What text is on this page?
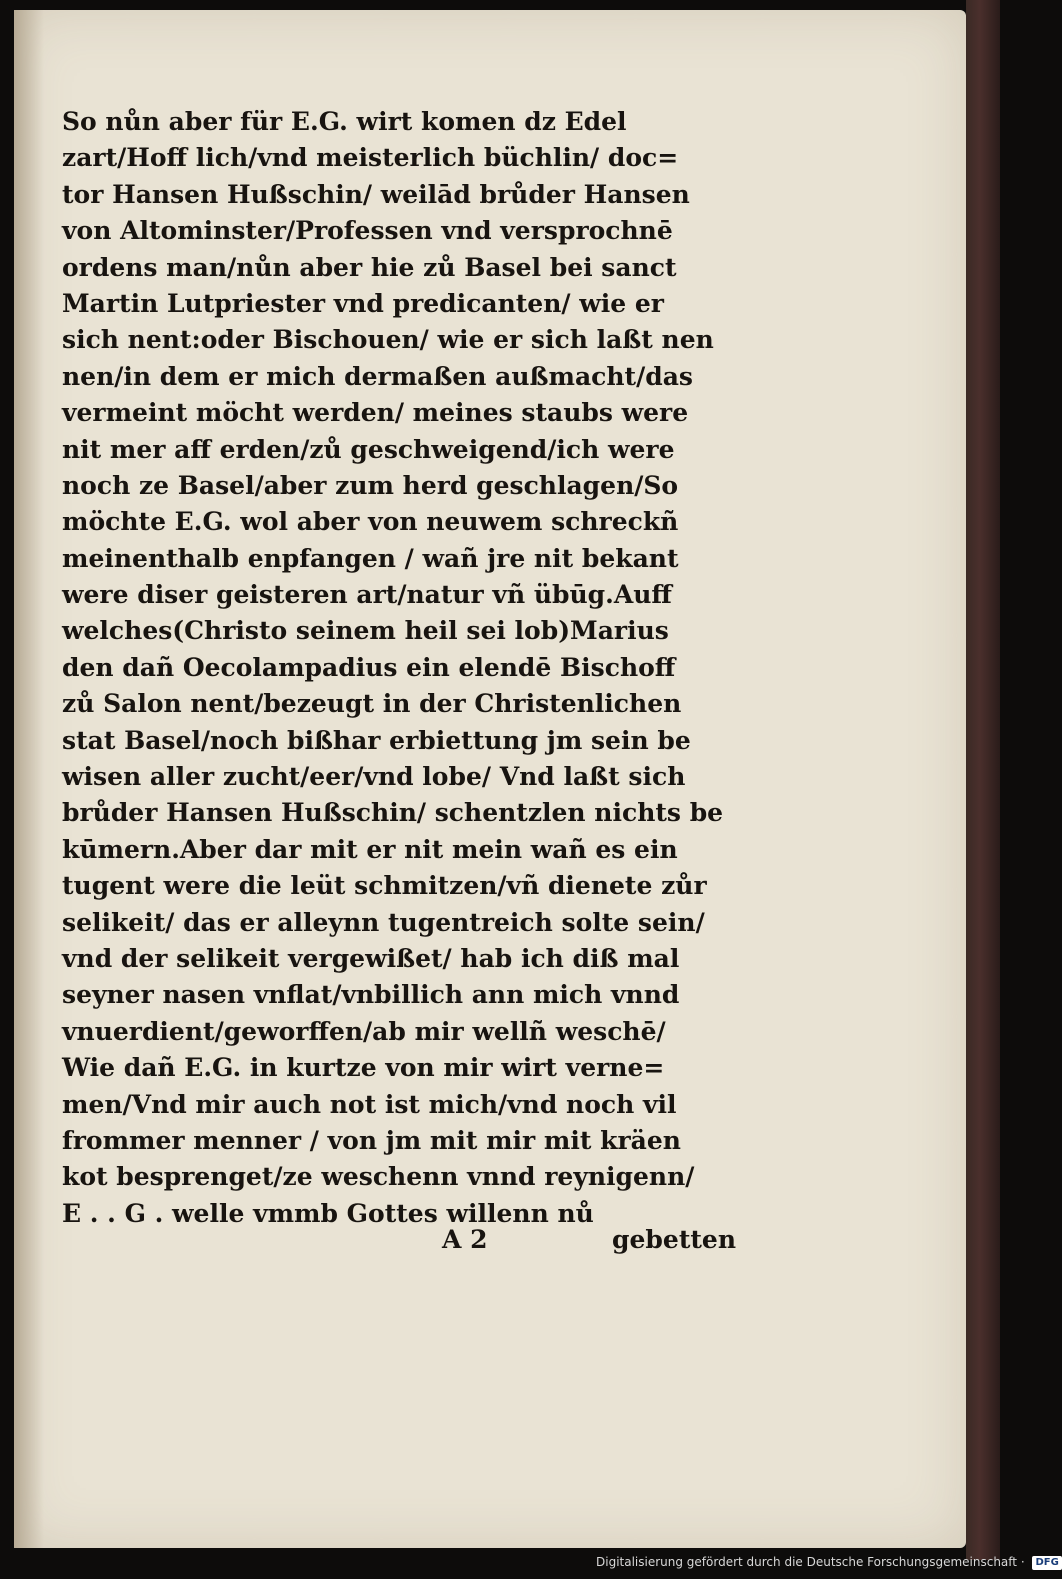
So nůn aber für E.G. wirt komen dz Edel
zart/Hoff lich/vnd meisterlich büchlin/ doc=
tor Hansen Hußschin/ weilād brůder Hansen
von Altominster/Professen vnd versprochnē
ordens man/nůn aber hie zů Basel bei sanct
Martin Lutpriester vnd predicanten/ wie er
sich nent:oder Bischouen/ wie er sich laßt nen
nen/in dem er mich dermaßen außmacht/das
vermeint möcht werden/ meines staubs were
nit mer aff erden/zů geschweigend/ich were
noch ze Basel/aber zum herd geschlagen/So
möchte E.G. wol aber von neuwem schreckñ
meinenthalb enpfangen / wañ jre nit bekant
were diser geisteren art/natur vñ übūg.Auff
welches(Christo seinem heil sei lob)Marius
den dañ Oecolampadius ein elendē Bischoff
zů Salon nent/bezeugt in der Christenlichen
stat Basel/noch bißhar erbiettung jm sein be
wisen aller zucht/eer/vnd lobe/ Vnd laßt sich
brůder Hansen Hußschin/ schentzlen nichts be
kūmern.Aber dar mit er nit mein wañ es ein
tugent were die leüt schmitzen/vñ dienete zůr
selikeit/ das er alleynn tugentreich solte sein/
vnd der selikeit vergewißet/ hab ich diß mal
seyner nasen vnflat/vnbillich ann mich vnnd
vnuerdient/geworffen/ab mir wellñ weschē/
Wie dañ E.G. in kurtze von mir wirt verne=
men/Vnd mir auch not ist mich/vnd noch vil
frommer menner / von jm mit mir mit kräen
kot besprenget/ze weschenn vnnd reynigenn/
E . . G . welle vmmb Gottes willenn nů
A 2	gebetten
Digitalisierung gefördert durch die Deutsche Forschungsgemeinschaft · DFG
